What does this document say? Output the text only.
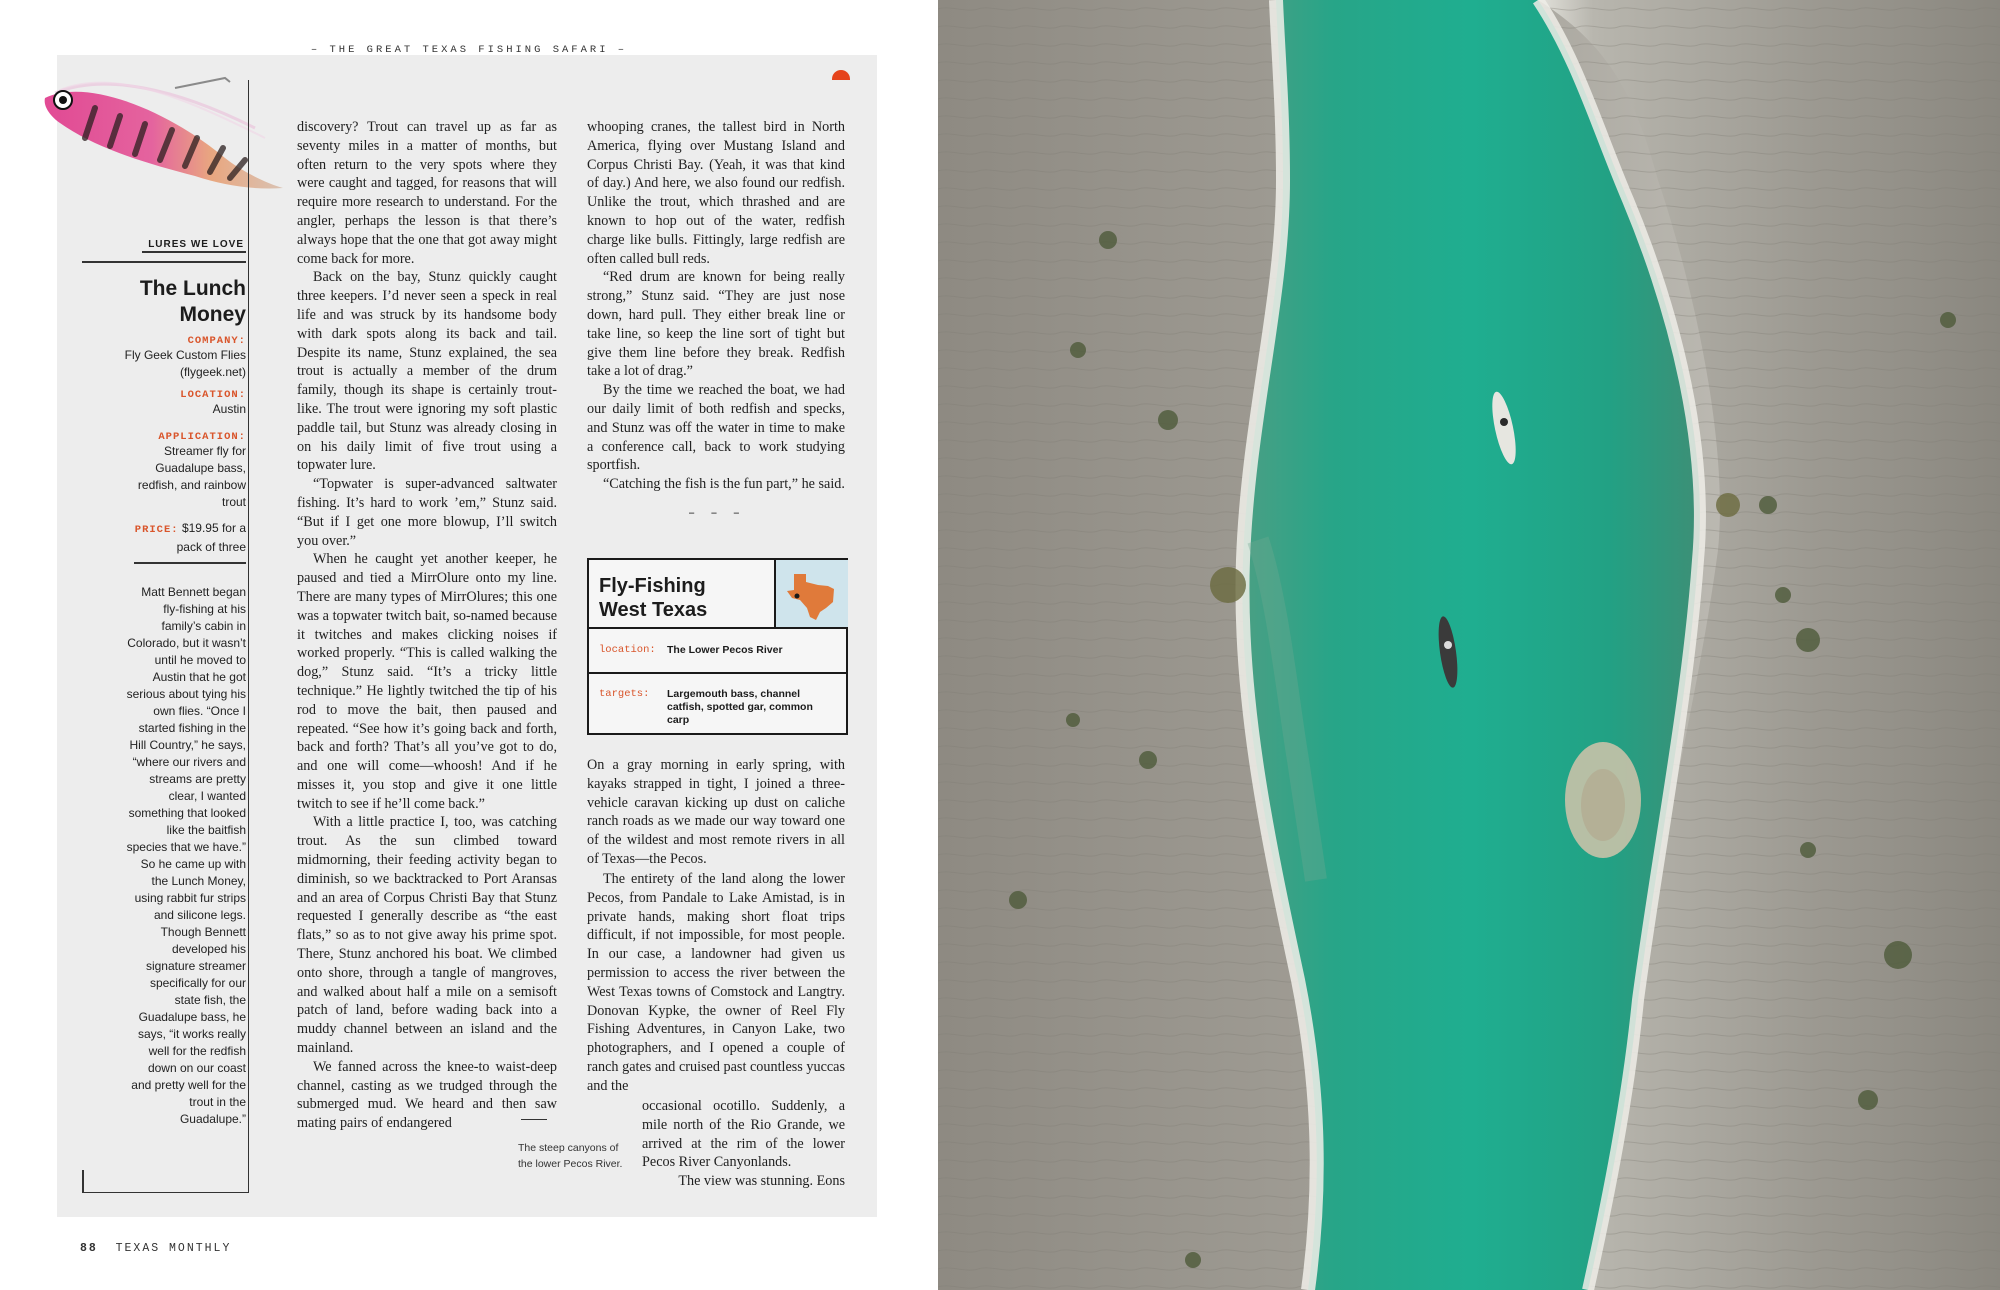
– THE GREAT TEXAS FISHING SAFARI –
LURES WE LOVE
The Lunch
Money
COMPANY:
Fly Geek Custom Flies (flygeek.net)
LOCATION:
Austin
APPLICATION:
Streamer fly for Guadalupe bass, redfish, and rainbow trout
PRICE: $19.95 for a pack of three
Matt Bennett began fly-fishing at his family’s cabin in Colorado, but it wasn’t until he moved to Austin that he got serious about tying his own flies. “Once I started fishing in the Hill Country,” he says, “where our rivers and streams are pretty clear, I wanted something that looked like the baitfish species that we have.” So he came up with the Lunch Money, using rabbit fur strips and silicone legs. Though Bennett developed his signature streamer specifically for our state fish, the Guadalupe bass, he says, “it works really well for the redfish down on our coast and pretty well for the trout in the Guadalupe.”

discovery? Trout can travel up as far as seventy miles in a matter of months, but often return to the very spots where they were caught and tagged, for reasons that will require more research to understand. For the angler, perhaps the lesson is that there’s always hope that the one that got away might come back for more.

Back on the bay, Stunz quickly caught three keepers. I’d never seen a speck in real life and was struck by its handsome body with dark spots along its back and tail. Despite its name, Stunz explained, the sea trout is actually a member of the drum family, though its shape is certainly trout-like. The trout were ignoring my soft plastic paddle tail, but Stunz was already closing in on his daily limit of five trout using a topwater lure.

“Topwater is super-advanced saltwater fishing. It’s hard to work ’em,” Stunz said. “But if I get one more blowup, I’ll switch you over.”

When he caught yet another keeper, he paused and tied a MirrOlure onto my line. There are many types of MirrOlures; this one was a topwater twitch bait, so-named because it twitches and makes clicking noises if worked properly. “This is called walking the dog,” Stunz said. “It’s a tricky little technique.” He lightly twitched the tip of his rod to move the bait, then paused and repeated. “See how it’s going back and forth, back and forth? That’s all you’ve got to do, and one will come—whoosh! And if he misses it, you stop and give it one little twitch to see if he’ll come back.”

With a little practice I, too, was catching trout. As the sun climbed toward midmorning, their feeding activity began to diminish, so we backtracked to Port Aransas and an area of Corpus Christi Bay that Stunz requested I generally describe as “the east flats,” so as to not give away his prime spot. There, Stunz anchored his boat. We climbed onto shore, through a tangle of mangroves, and walked about half a mile on a semisoft patch of land, before wading back into a muddy channel between an island and the mainland.

We fanned across the knee-to waist-deep channel, casting as we trudged through the submerged mud. We heard and then saw mating pairs of endangered

whooping cranes, the tallest bird in North America, flying over Mustang Island and Corpus Christi Bay. (Yeah, it was that kind of day.) And here, we also found our redfish. Unlike the trout, which thrashed and are known to hop out of the water, redfish charge like bulls. Fittingly, large redfish are often called bull reds.

“Red drum are known for being really strong,” Stunz said. “They are just nose down, hard pull. They either break line or take line, so keep the line sort of tight but give them line before they break. Redfish take a lot of drag.”

By the time we reached the boat, we had our daily limit of both redfish and specks, and Stunz was off the water in time to make a conference call, back to work studying sportfish.

“Catching the fish is the fun part,” he said.

– – –
Fly-Fishing
West Texas
location: The Lower Pecos River
targets: Largemouth bass, channel catfish, spotted gar, common carp

On a gray morning in early spring, with kayaks strapped in tight, I joined a three-vehicle caravan kicking up dust on caliche ranch roads as we made our way toward one of the wildest and most remote rivers in all of Texas—the Pecos.

The entirety of the land along the lower Pecos, from Pandale to Lake Amistad, is in private hands, making short float trips difficult, if not impossible, for most people. In our case, a landowner had given us permission to access the river between the West Texas towns of Comstock and Langtry. Donovan Kypke, the owner of Reel Fly Fishing Adventures, in Canyon Lake, two photographers, and I opened a couple of ranch gates and cruised past countless yuccas and the

occasional ocotillo. Suddenly, a mile north of the Rio Grande, we arrived at the rim of the lower Pecos River Canyonlands.

The view was stunning. Eons

The steep canyons of the lower Pecos River.
88 TEXAS MONTHLY
